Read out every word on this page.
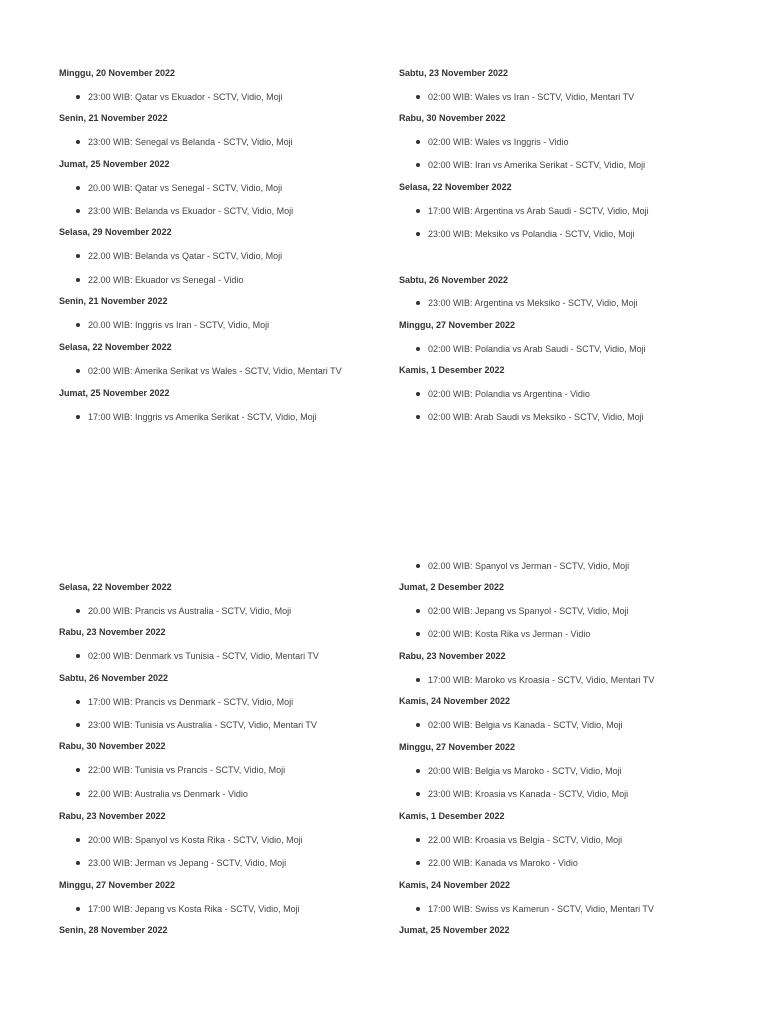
Minggu, 20 November 2022
23:00 WIB: Qatar vs Ekuador - SCTV, Vidio, Moji
Senin, 21 November 2022
23:00 WIB: Senegal vs Belanda - SCTV, Vidio, Moji
Jumat, 25 November 2022
20.00 WIB: Qatar vs Senegal - SCTV, Vidio, Moji
23:00 WIB: Belanda vs Ekuador - SCTV, Vidio, Moji
Selasa, 29 November 2022
22.00 WIB: Belanda vs Qatar - SCTV, Vidio, Moji
22.00 WIB: Ekuador vs Senegal - Vidio
Senin, 21 November 2022
20.00 WIB: Inggris vs Iran - SCTV, Vidio, Moji
Selasa, 22 November 2022
02:00 WIB: Amerika Serikat vs Wales - SCTV, Vidio, Mentari TV
Jumat, 25 November 2022
17:00 WIB: Inggris vs Amerika Serikat - SCTV, Vidio, Moji
Sabtu, 23 November 2022
02:00 WIB: Wales vs Iran - SCTV, Vidio, Mentari TV
Rabu, 30 November 2022
02:00 WIB: Wales vs Inggris - Vidio
02:00 WIB: Iran vs Amerika Serikat - SCTV, Vidio, Moji
Selasa, 22 November 2022
17:00 WIB: Argentina vs Arab Saudi - SCTV, Vidio, Moji
23:00 WIB: Meksiko vs Polandia - SCTV, Vidio, Moji
Sabtu, 26 November 2022
23:00 WIB: Argentina vs Meksiko - SCTV, Vidio, Moji
Minggu, 27 November 2022
02:00 WIB: Polandia vs Arab Saudi - SCTV, Vidio, Moji
Kamis, 1 Desember 2022
02:00 WIB: Polandia vs Argentina - Vidio
02:00 WIB: Arab Saudi vs Meksiko - SCTV, Vidio, Moji
Selasa, 22 November 2022
20.00 WIB: Prancis vs Australia - SCTV, Vidio, Moji
Rabu, 23 November 2022
02:00 WIB: Denmark vs Tunisia - SCTV, Vidio, Mentari TV
Sabtu, 26 November 2022
17:00 WIB: Prancis vs Denmark - SCTV, Vidio, Moji
23:00 WIB: Tunisia vs Australia - SCTV, Vidio, Mentari TV
Rabu, 30 November 2022
22:00 WIB: Tunisia vs Prancis - SCTV, Vidio, Moji
22.00 WIB: Australia vs Denmark - Vidio
Rabu, 23 November 2022
20:00 WIB: Spanyol vs Kosta Rika - SCTV, Vidio, Moji
23.00 WIB: Jerman vs Jepang - SCTV, Vidio, Moji
Minggu, 27 November 2022
17:00 WIB: Jepang vs Kosta Rika - SCTV, Vidio, Moji
Senin, 28 November 2022
02.00 WIB: Spanyol vs Jerman - SCTV, Vidio, Moji
Jumat, 2 Desember 2022
02:00 WIB: Jepang vs Spanyol - SCTV, Vidio, Moji
02:00 WIB: Kosta Rika vs Jerman - Vidio
Rabu, 23 November 2022
17:00 WIB: Maroko vs Kroasia - SCTV, Vidio, Mentari TV
Kamis, 24 November 2022
02:00 WIB: Belgia vs Kanada - SCTV, Vidio, Moji
Minggu, 27 November 2022
20:00 WIB: Belgia vs Maroko - SCTV, Vidio, Moji
23:00 WIB: Kroasia vs Kanada - SCTV, Vidio, Moji
Kamis, 1 Desember 2022
22.00 WIB: Kroasia vs Belgia - SCTV, Vidio, Moji
22.00 WIB: Kanada vs Maroko - Vidio
Kamis, 24 November 2022
17:00 WIB: Swiss vs Kamerun - SCTV, Vidio, Mentari TV
Jumat, 25 November 2022
